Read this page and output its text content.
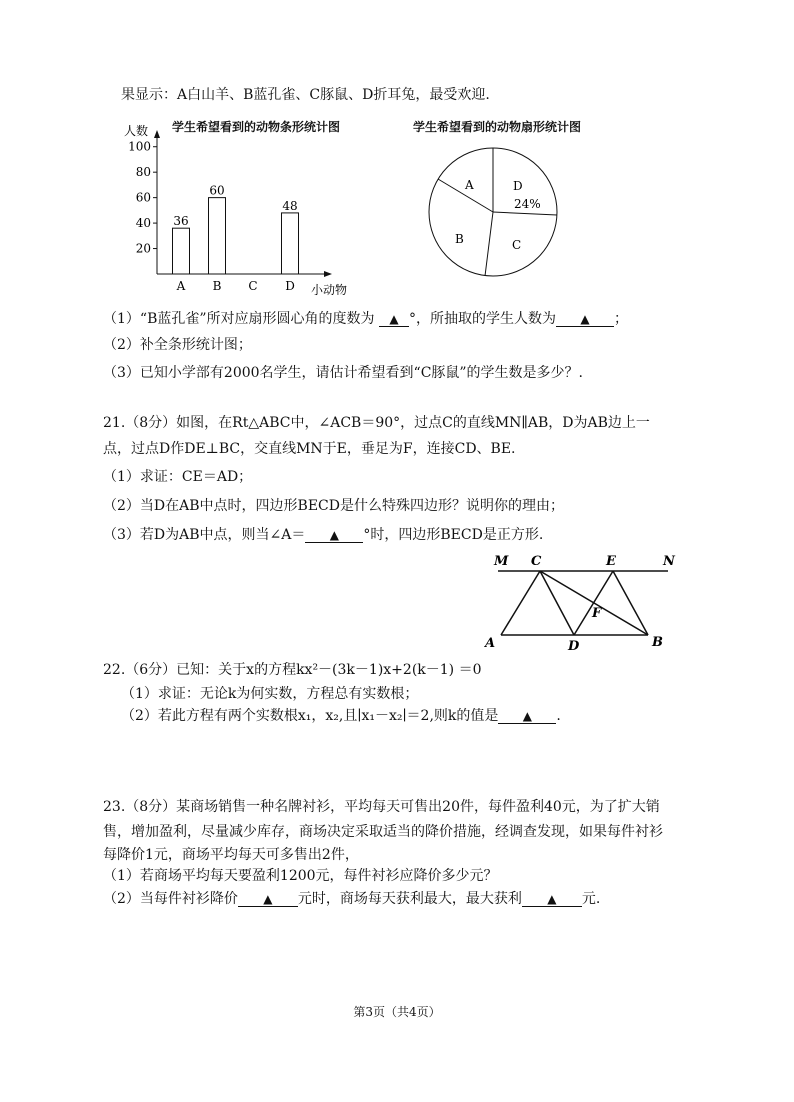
果显示：A白山羊、B蓝孔雀、C豚鼠、D折耳兔，最受欢迎.
学生希望看到的动物条形统计图
人数
小动物
20
40
60
80
100
A
36
B
60
C D
48
学生希望看到的动物扇形统计图
A	D
24%
C
B
（1）“B蓝孔雀”所对应扇形圆心角的度数为 ▲ °，所抽取的学生人数为 ▲ ；
（2）补全条形统计图；
（3）已知小学部有2000名学生，请估计希望看到“C豚鼠”的学生数是多少？.
21.（8分）如图，在Rt△ABC中，∠ACB＝90°，过点C的直线MN∥AB，D为AB边上一
点，过点D作DE⊥BC，交直线MN于E，垂足为F，连接CD、BE.
（1）求证：CE＝AD；
（2）当D在AB中点时，四边形BECD是什么特殊四边形？说明你的理由；
（3）若D为AB中点，则当∠A＝ ▲ °时，四边形BECD是正方形.
M C	E	N
F
A	D	B
22.（6分）已知：关于x的方程kx²－(3k－1)x+2(k－1) ＝0
（1）求证：无论k为何实数，方程总有实数根；
（2）若此方程有两个实数根x₁，x₂,且∣x₁－x₂∣＝2,则k的值是 ▲ .
23.（8分）某商场销售一种名牌衬衫，平均每天可售出20件，每件盈利40元，为了扩大销
售，增加盈利，尽量减少库存，商场决定采取适当的降价措施，经调查发现，如果每件衬衫
每降价1元，商场平均每天可多售出2件，
（1）若商场平均每天要盈利1200元，每件衬衫应降价多少元？
（2）当每件衬衫降价 ▲ 元时，商场每天获利最大，最大获利 ▲ 元.
第3页（共4页）
